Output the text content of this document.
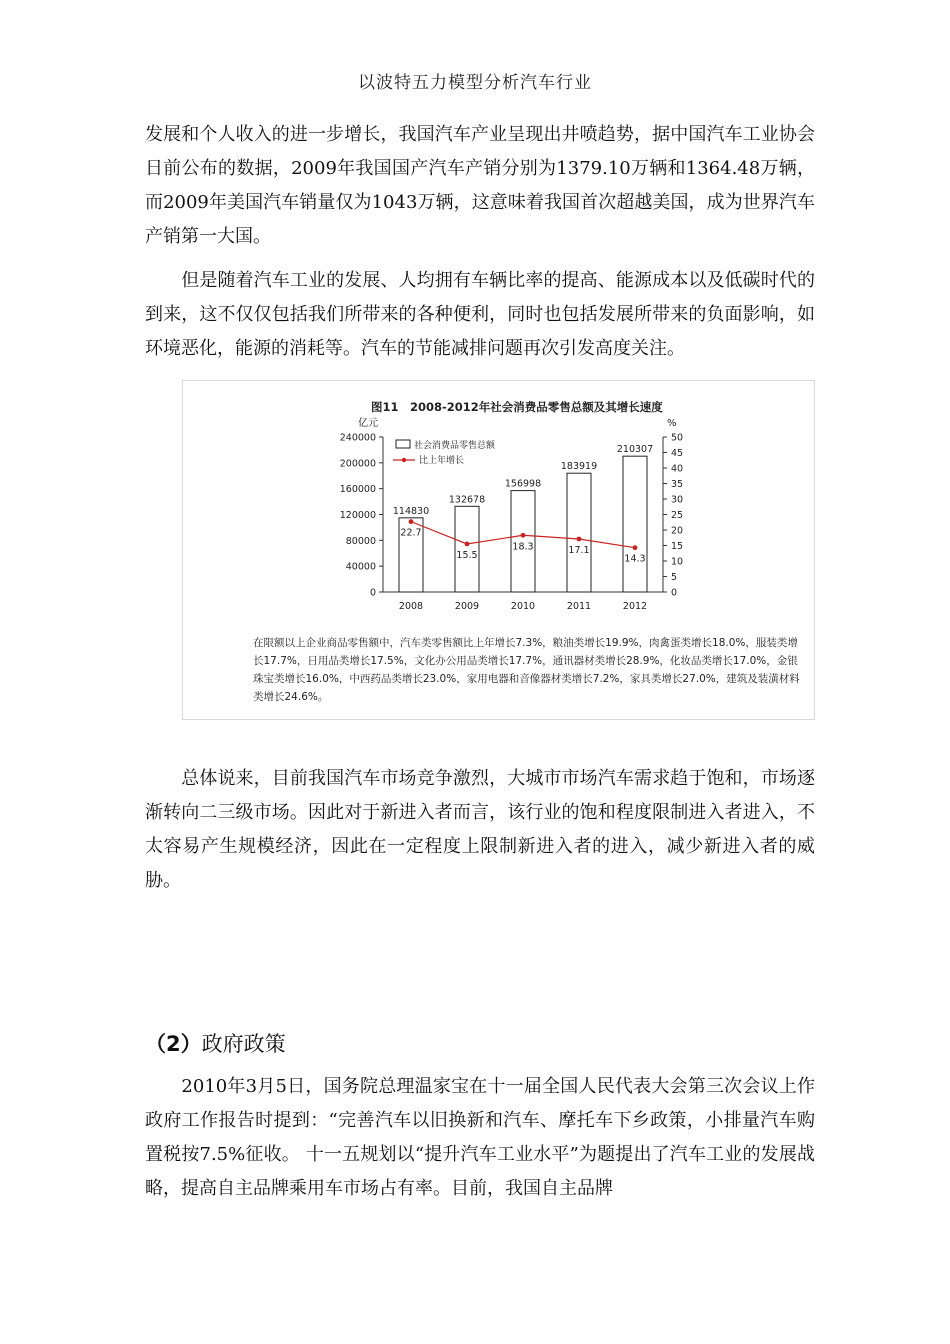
以波特五力模型分析汽车行业

发展和个人收入的进一步增长，我国汽车产业呈现出井喷趋势，据中国汽车工业协会日前公布的数据，2009年我国国产汽车产销分别为1379.10万辆和1364.48万辆，而2009年美国汽车销量仅为1043万辆，这意味着我国首次超越美国，成为世界汽车产销第一大国。

　　但是随着汽车工业的发展、人均拥有车辆比率的提高、能源成本以及低碳时代的到来，这不仅仅包括我们所带来的各种便利，同时也包括发展所带来的负面影响，如环境恶化，能源的消耗等。汽车的节能减排问题再次引发高度关注。

图11　2008-2012年社会消费品零售总额及其增长速度
亿元	%
0
40000
80000
120000
160000
200000
240000
0
5
10
15
20
25
30
35
40
45
50
114830
2008
132678
2009
156998
2010
183919
2011
210307
2012
22.7
15.5
18.3	17.1
14.3
社会消费品零售总额
比上年增长

在限额以上企业商品零售额中，汽车类零售额比上年增长7.3%，粮油类增长19.9%，肉禽蛋类增长18.0%，服装类增长17.7%，日用品类增长17.5%，文化办公用品类增长17.7%，通讯器材类增长28.9%，化妆品类增长17.0%，金银珠宝类增长16.0%，中西药品类增长23.0%，家用电器和音像器材类增长7.2%，家具类增长27.0%，建筑及装潢材料类增长24.6%。

　　总体说来，目前我国汽车市场竞争激烈，大城市市场汽车需求趋于饱和，市场逐渐转向二三级市场。因此对于新进入者而言，该行业的饱和程度限制进入者进入，不太容易产生规模经济，因此在一定程度上限制新进入者的进入，减少新进入者的威胁。

（2）政府政策

　　2010年3月5日，国务院总理温家宝在十一届全国人民代表大会第三次会议上作政府工作报告时提到：“完善汽车以旧换新和汽车、摩托车下乡政策，小排量汽车购置税按7.5%征收。 十一五规划以“提升汽车工业水平”为题提出了汽车工业的发展战略，提高自主品牌乘用车市场占有率。目前，我国自主品牌
